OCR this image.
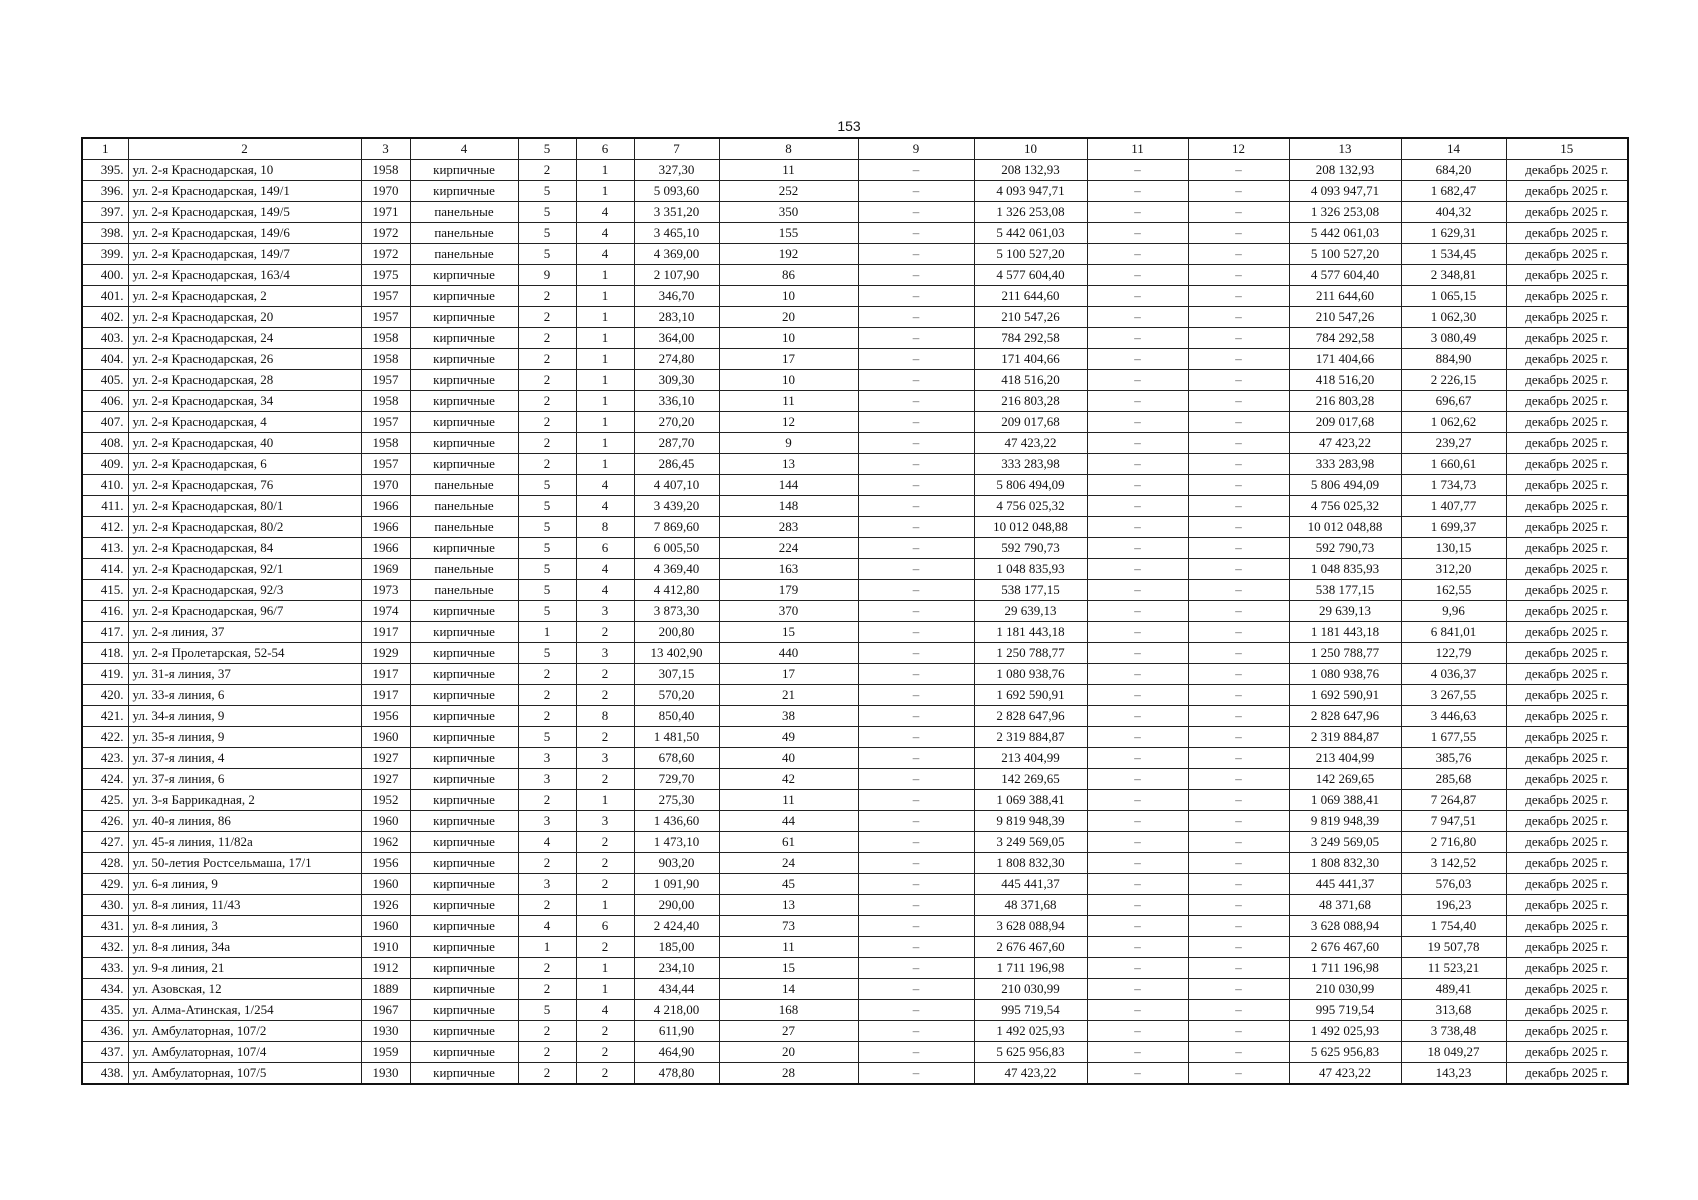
153
1	2	3	4	5	6	7	8	9	10	11	12	13	14	15
395.	ул. 2-я Краснодарская, 10	1958	кирпичные	2	1	327,30	11	–	208 132,93	–	–	208 132,93	684,20	декабрь 2025 г.
396.	ул. 2-я Краснодарская, 149/1	1970	кирпичные	5	1	5 093,60	252	–	4 093 947,71	–	–	4 093 947,71	1 682,47	декабрь 2025 г.
397.	ул. 2-я Краснодарская, 149/5	1971	панельные	5	4	3 351,20	350	–	1 326 253,08	–	–	1 326 253,08	404,32	декабрь 2025 г.
398.	ул. 2-я Краснодарская, 149/6	1972	панельные	5	4	3 465,10	155	–	5 442 061,03	–	–	5 442 061,03	1 629,31	декабрь 2025 г.
399.	ул. 2-я Краснодарская, 149/7	1972	панельные	5	4	4 369,00	192	–	5 100 527,20	–	–	5 100 527,20	1 534,45	декабрь 2025 г.
400.	ул. 2-я Краснодарская, 163/4	1975	кирпичные	9	1	2 107,90	86	–	4 577 604,40	–	–	4 577 604,40	2 348,81	декабрь 2025 г.
401.	ул. 2-я Краснодарская, 2	1957	кирпичные	2	1	346,70	10	–	211 644,60	–	–	211 644,60	1 065,15	декабрь 2025 г.
402.	ул. 2-я Краснодарская, 20	1957	кирпичные	2	1	283,10	20	–	210 547,26	–	–	210 547,26	1 062,30	декабрь 2025 г.
403.	ул. 2-я Краснодарская, 24	1958	кирпичные	2	1	364,00	10	–	784 292,58	–	–	784 292,58	3 080,49	декабрь 2025 г.
404.	ул. 2-я Краснодарская, 26	1958	кирпичные	2	1	274,80	17	–	171 404,66	–	–	171 404,66	884,90	декабрь 2025 г.
405.	ул. 2-я Краснодарская, 28	1957	кирпичные	2	1	309,30	10	–	418 516,20	–	–	418 516,20	2 226,15	декабрь 2025 г.
406.	ул. 2-я Краснодарская, 34	1958	кирпичные	2	1	336,10	11	–	216 803,28	–	–	216 803,28	696,67	декабрь 2025 г.
407.	ул. 2-я Краснодарская, 4	1957	кирпичные	2	1	270,20	12	–	209 017,68	–	–	209 017,68	1 062,62	декабрь 2025 г.
408.	ул. 2-я Краснодарская, 40	1958	кирпичные	2	1	287,70	9	–	47 423,22	–	–	47 423,22	239,27	декабрь 2025 г.
409.	ул. 2-я Краснодарская, 6	1957	кирпичные	2	1	286,45	13	–	333 283,98	–	–	333 283,98	1 660,61	декабрь 2025 г.
410.	ул. 2-я Краснодарская, 76	1970	панельные	5	4	4 407,10	144	–	5 806 494,09	–	–	5 806 494,09	1 734,73	декабрь 2025 г.
411.	ул. 2-я Краснодарская, 80/1	1966	панельные	5	4	3 439,20	148	–	4 756 025,32	–	–	4 756 025,32	1 407,77	декабрь 2025 г.
412.	ул. 2-я Краснодарская, 80/2	1966	панельные	5	8	7 869,60	283	–	10 012 048,88	–	–	10 012 048,88	1 699,37	декабрь 2025 г.
413.	ул. 2-я Краснодарская, 84	1966	кирпичные	5	6	6 005,50	224	–	592 790,73	–	–	592 790,73	130,15	декабрь 2025 г.
414.	ул. 2-я Краснодарская, 92/1	1969	панельные	5	4	4 369,40	163	–	1 048 835,93	–	–	1 048 835,93	312,20	декабрь 2025 г.
415.	ул. 2-я Краснодарская, 92/3	1973	панельные	5	4	4 412,80	179	–	538 177,15	–	–	538 177,15	162,55	декабрь 2025 г.
416.	ул. 2-я Краснодарская, 96/7	1974	кирпичные	5	3	3 873,30	370	–	29 639,13	–	–	29 639,13	9,96	декабрь 2025 г.
417.	ул. 2-я линия, 37	1917	кирпичные	1	2	200,80	15	–	1 181 443,18	–	–	1 181 443,18	6 841,01	декабрь 2025 г.
418.	ул. 2-я Пролетарская, 52-54	1929	кирпичные	5	3	13 402,90	440	–	1 250 788,77	–	–	1 250 788,77	122,79	декабрь 2025 г.
419.	ул. 31-я линия, 37	1917	кирпичные	2	2	307,15	17	–	1 080 938,76	–	–	1 080 938,76	4 036,37	декабрь 2025 г.
420.	ул. 33-я линия, 6	1917	кирпичные	2	2	570,20	21	–	1 692 590,91	–	–	1 692 590,91	3 267,55	декабрь 2025 г.
421.	ул. 34-я линия, 9	1956	кирпичные	2	8	850,40	38	–	2 828 647,96	–	–	2 828 647,96	3 446,63	декабрь 2025 г.
422.	ул. 35-я линия, 9	1960	кирпичные	5	2	1 481,50	49	–	2 319 884,87	–	–	2 319 884,87	1 677,55	декабрь 2025 г.
423.	ул. 37-я линия, 4	1927	кирпичные	3	3	678,60	40	–	213 404,99	–	–	213 404,99	385,76	декабрь 2025 г.
424.	ул. 37-я линия, 6	1927	кирпичные	3	2	729,70	42	–	142 269,65	–	–	142 269,65	285,68	декабрь 2025 г.
425.	ул. 3-я Баррикадная, 2	1952	кирпичные	2	1	275,30	11	–	1 069 388,41	–	–	1 069 388,41	7 264,87	декабрь 2025 г.
426.	ул. 40-я линия, 86	1960	кирпичные	3	3	1 436,60	44	–	9 819 948,39	–	–	9 819 948,39	7 947,51	декабрь 2025 г.
427.	ул. 45-я линия, 11/82а	1962	кирпичные	4	2	1 473,10	61	–	3 249 569,05	–	–	3 249 569,05	2 716,80	декабрь 2025 г.
428.	ул. 50-летия Ростсельмаша, 17/1	1956	кирпичные	2	2	903,20	24	–	1 808 832,30	–	–	1 808 832,30	3 142,52	декабрь 2025 г.
429.	ул. 6-я линия, 9	1960	кирпичные	3	2	1 091,90	45	–	445 441,37	–	–	445 441,37	576,03	декабрь 2025 г.
430.	ул. 8-я линия, 11/43	1926	кирпичные	2	1	290,00	13	–	48 371,68	–	–	48 371,68	196,23	декабрь 2025 г.
431.	ул. 8-я линия, 3	1960	кирпичные	4	6	2 424,40	73	–	3 628 088,94	–	–	3 628 088,94	1 754,40	декабрь 2025 г.
432.	ул. 8-я линия, 34а	1910	кирпичные	1	2	185,00	11	–	2 676 467,60	–	–	2 676 467,60	19 507,78	декабрь 2025 г.
433.	ул. 9-я линия, 21	1912	кирпичные	2	1	234,10	15	–	1 711 196,98	–	–	1 711 196,98	11 523,21	декабрь 2025 г.
434.	ул. Азовская, 12	1889	кирпичные	2	1	434,44	14	–	210 030,99	–	–	210 030,99	489,41	декабрь 2025 г.
435.	ул. Алма-Атинская, 1/254	1967	кирпичные	5	4	4 218,00	168	–	995 719,54	–	–	995 719,54	313,68	декабрь 2025 г.
436.	ул. Амбулаторная, 107/2	1930	кирпичные	2	2	611,90	27	–	1 492 025,93	–	–	1 492 025,93	3 738,48	декабрь 2025 г.
437.	ул. Амбулаторная, 107/4	1959	кирпичные	2	2	464,90	20	–	5 625 956,83	–	–	5 625 956,83	18 049,27	декабрь 2025 г.
438.	ул. Амбулаторная, 107/5	1930	кирпичные	2	2	478,80	28	–	47 423,22	–	–	47 423,22	143,23	декабрь 2025 г.
